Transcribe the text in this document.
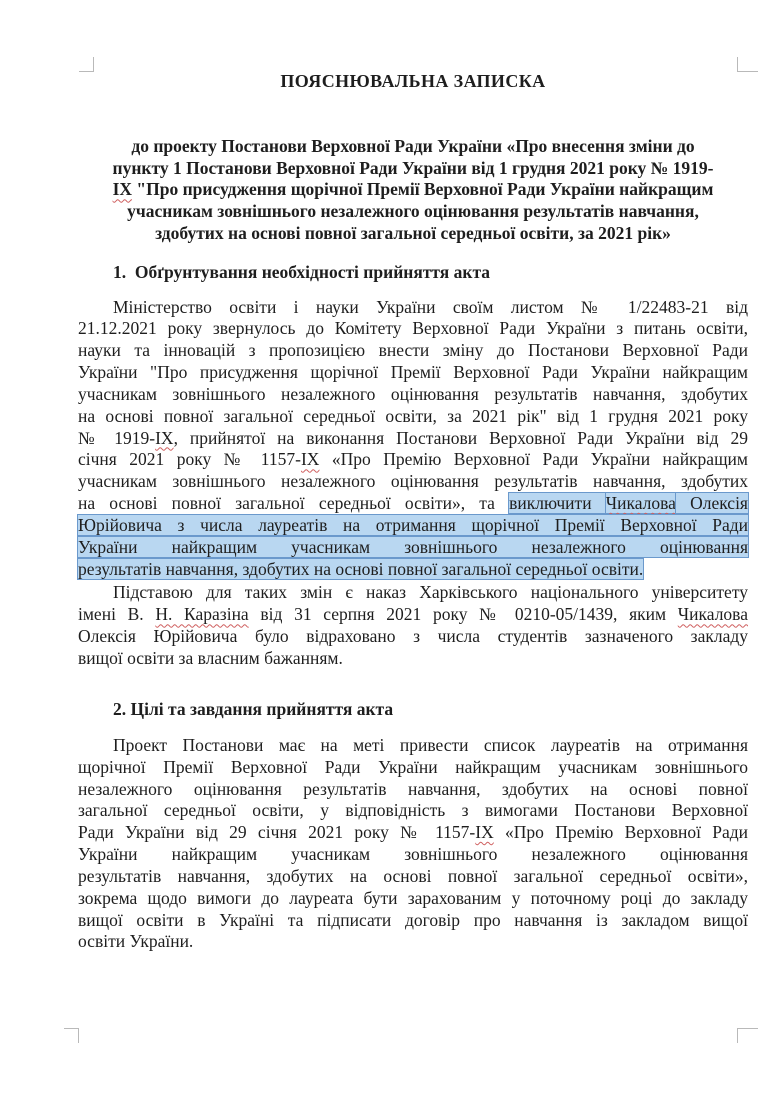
ПОЯСНЮВАЛЬНА ЗАПИСКА
до проекту Постанови Верховної Ради України «Про внесення зміни до
пункту 1 Постанови Верховної Ради України від 1 грудня 2021 року № 1919-
ІХ "Про присудження щорічної Премії Верховної Ради України найкращим
учасникам зовнішнього незалежного оцінювання результатів навчання,
здобутих на основі повної загальної середньої освіти, за 2021 рік»
1.  Обґрунтування необхідності прийняття акта
Міністерство освіти і науки України своїм листом № 1/22483-21 від
21.12.2021 року звернулось до Комітету Верховної Ради України з питань освіти,
науки та інновацій з пропозицією внести зміну до Постанови Верховної Ради
України "Про присудження щорічної Премії Верховної Ради України найкращим
учасникам зовнішнього незалежного оцінювання результатів навчання, здобутих
на основі повної загальної середньої освіти, за 2021 рік" від 1 грудня 2021 року
№ 1919-ІХ, прийнятої на виконання Постанови Верховної Ради України від 29
січня 2021 року № 1157-ІХ «Про Премію Верховної Ради України найкращим
учасникам зовнішнього незалежного оцінювання результатів навчання, здобутих
на основі повної загальної середньої освіти», та виключити Чикалова Олексія
Юрійовича з числа лауреатів на отримання щорічної Премії Верховної Ради
України найкращим учасникам зовнішнього незалежного оцінювання
результатів навчання, здобутих на основі повної загальної середньої освіти.
Підставою для таких змін є наказ Харківського національного університету
імені В. Н. Каразіна від 31 серпня 2021 року № 0210-05/1439, яким Чикалова
Олексія Юрійовича було відраховано з числа студентів зазначеного закладу
вищої освіти за власним бажанням.
2. Цілі та завдання прийняття акта
Проект Постанови має на меті привести список лауреатів на отримання
щорічної Премії Верховної Ради України найкращим учасникам зовнішнього
незалежного оцінювання результатів навчання, здобутих на основі повної
загальної середньої освіти, у відповідність з вимогами Постанови Верховної
Ради України від 29 січня 2021 року № 1157-ІХ «Про Премію Верховної Ради
України найкращим учасникам зовнішнього незалежного оцінювання
результатів навчання, здобутих на основі повної загальної середньої освіти»,
зокрема щодо вимоги до лауреата бути зарахованим у поточному році до закладу
вищої освіти в Україні та підписати договір про навчання із закладом вищої
освіти України.
